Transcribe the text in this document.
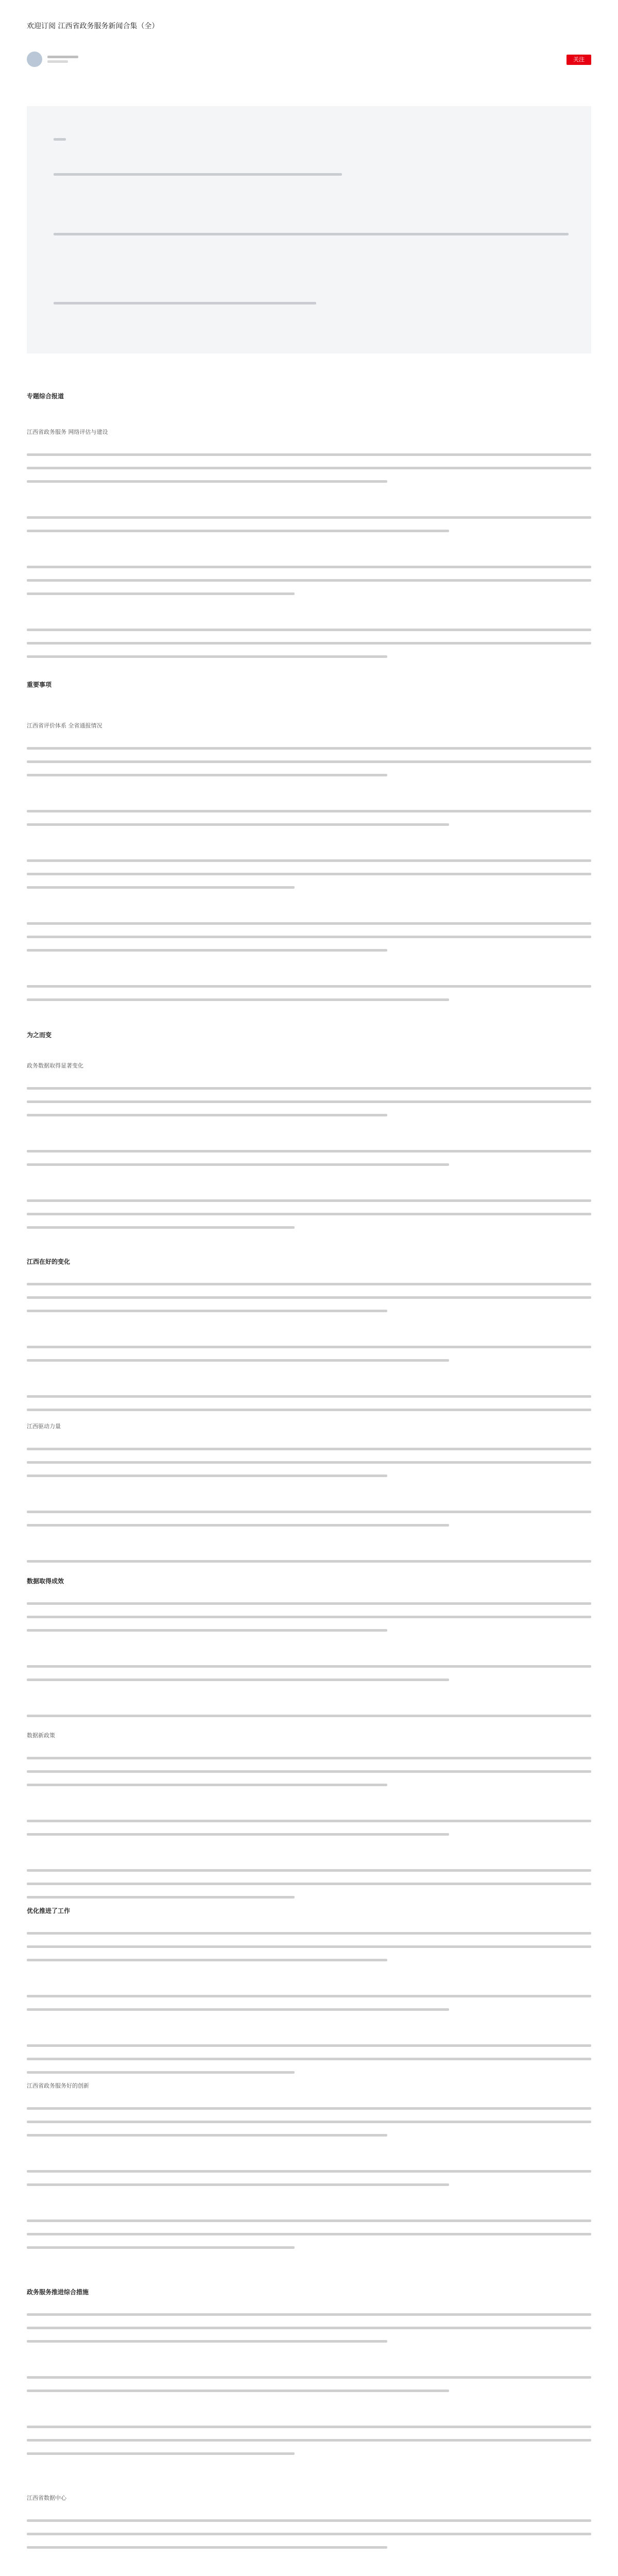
欢迎订阅 江西省政务服务新闻合集（全）
关注
专题综合报道
江西省政务服务 网络评估与建设
重要事项
江西省评价体系 全省通报情况
为之而变
政务数据取得显著变化
江西在好的变化
江西驱动力量
数据取得成效
数据新政策
优化推进了工作
江西省政务服务好的创新
政务服务推进综合措施
江西省数据中心
